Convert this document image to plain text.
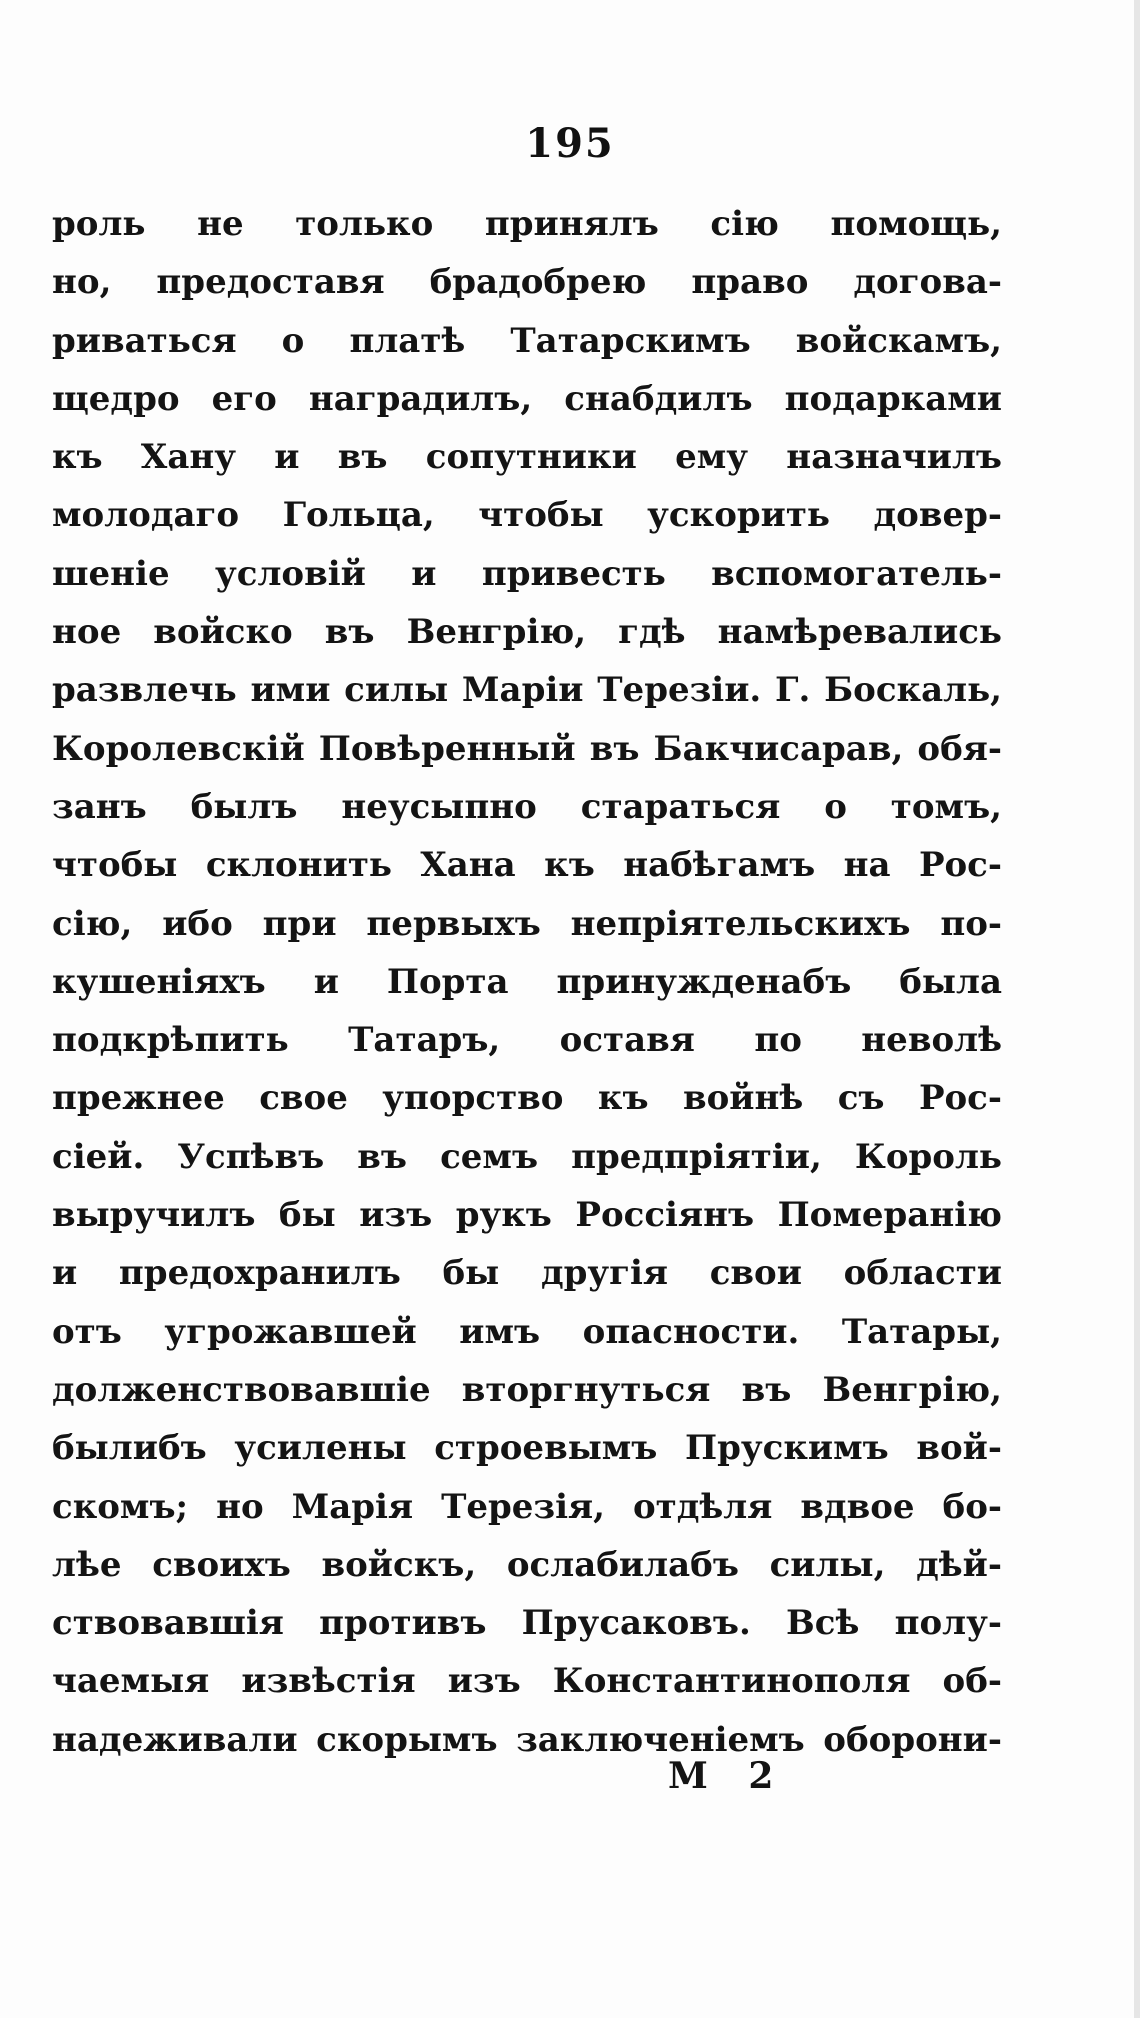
195
роль не только принялъ сію помощь,
но, предоставя брадобрею право догова-
риваться о платѣ Татарскимъ войскамъ,
щедро его наградилъ, снабдилъ подарками
къ Хану и въ сопутники ему назначилъ
молодаго Гольца, чтобы ускорить довер-
шеніе условій и привесть вспомогатель-
ное войско въ Венгрію, гдѣ намѣревались
развлечь ими силы Маріи Терезіи. Г. Боскаль,
Королевскій Повѣренный въ Бакчисарав, обя-
занъ былъ неусыпно стараться о томъ,
чтобы склонить Хана къ набѣгамъ на Рос-
сію, ибо при первыхъ непріятельскихъ по-
кушеніяхъ и Порта принужденабъ была
подкрѣпить Татаръ, оставя по неволѣ
прежнее свое упорство къ войнѣ съ Рос-
сіей. Успѣвъ въ семъ предпріятіи, Король
выручилъ бы изъ рукъ Россіянъ Померанію
и предохранилъ бы другія свои области
отъ угрожавшей имъ опасности. Татары,
долженствовавшіе вторгнуться въ Венгрію,
былибъ усилены строевымъ Прускимъ вой-
скомъ; но Марія Терезія, отдѣля вдвое бо-
лѣе своихъ войскъ, ослабилабъ силы, дѣй-
ствовавшія противъ Прусаковъ. Всѣ полу-
чаемыя извѣстія изъ Константинополя об-
надеживали скорымъ заключеніемъ оборони-
M 2
